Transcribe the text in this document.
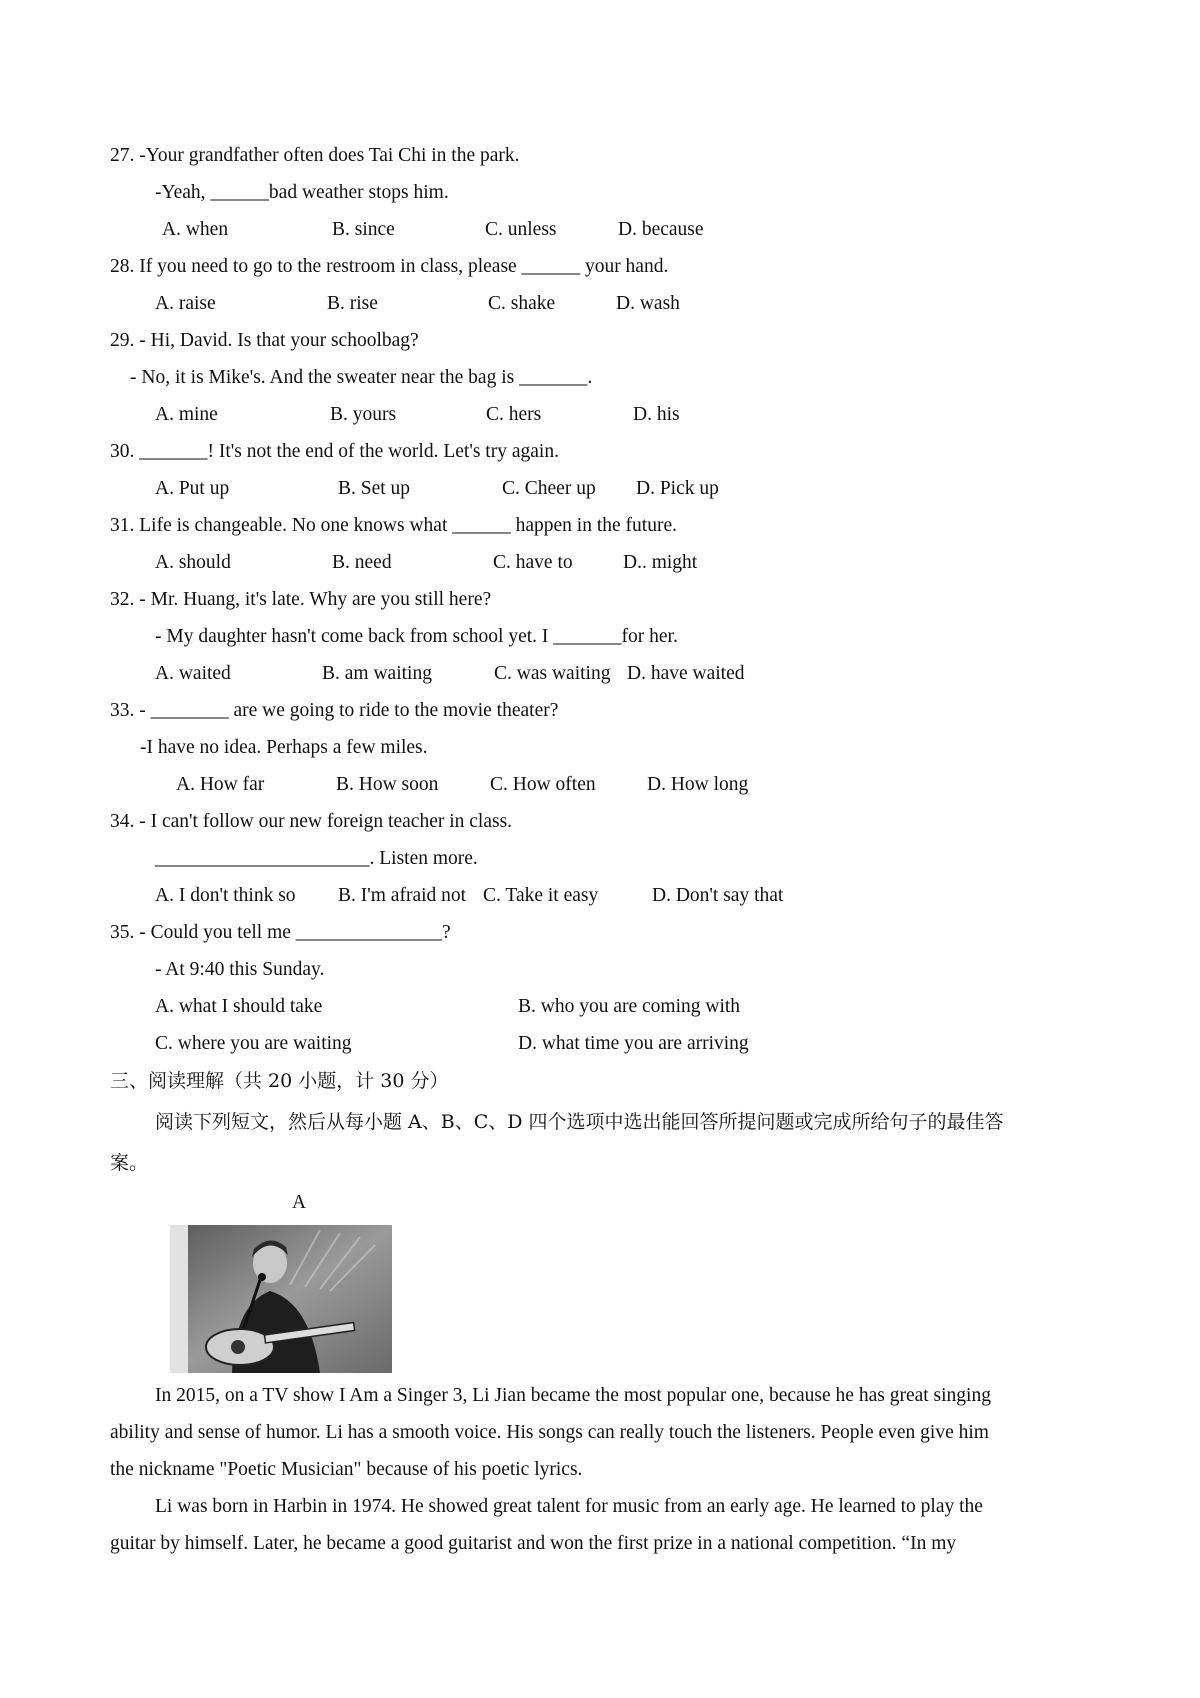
27. -Your grandfather often does Tai Chi in the park.
-Yeah, ______bad weather stops him.
A. when	B. since	C. unless	D. because
28. If you need to go to the restroom in class, please ______ your hand.
A. raise	B. rise	C. shake	D. wash
29. - Hi, David. Is that your schoolbag?
- No, it is Mike's. And the sweater near the bag is _______.
A. mine	B. yours	C. hers	D. his
30. _______! It's not the end of the world. Let's try again.
A. Put up	B. Set up	C. Cheer up D. Pick up
31. Life is changeable. No one knows what ______ happen in the future.
A. should	B. need	C. have to	D.. might
32. - Mr. Huang, it's late. Why are you still here?
- My daughter hasn't come back from school yet. I _______for her.
A. waited	B. am waiting	C. was waiting D. have waited
33. - ________ are we going to ride to the movie theater?
-I have no idea. Perhaps a few miles.
A. How far	B. How soon	C. How often	D. How long
34. - I can't follow our new foreign teacher in class.
______________________. Listen more.
A. I don't think so B. I'm afraid not C. Take it easy	D. Don't say that
35. - Could you tell me _______________?
- At 9:40 this Sunday.
A. what I should take	B. who you are coming with
C. where you are waiting	D. what time you are arriving
三、阅读理解（共 20 小题，计 30 分）
阅读下列短文，然后从每小题 A、B、C、D 四个选项中选出能回答所提问题或完成所给句子的最佳答
案。
A
In 2015, on a TV show I Am a Singer 3, Li Jian became the most popular one, because he has great singing
ability and sense of humor. Li has a smooth voice. His songs can really touch the listeners. People even give him
the nickname "Poetic Musician" because of his poetic lyrics.
Li was born in Harbin in 1974. He showed great talent for music from an early age. He learned to play the
guitar by himself. Later, he became a good guitarist and won the first prize in a national competition. “In my
